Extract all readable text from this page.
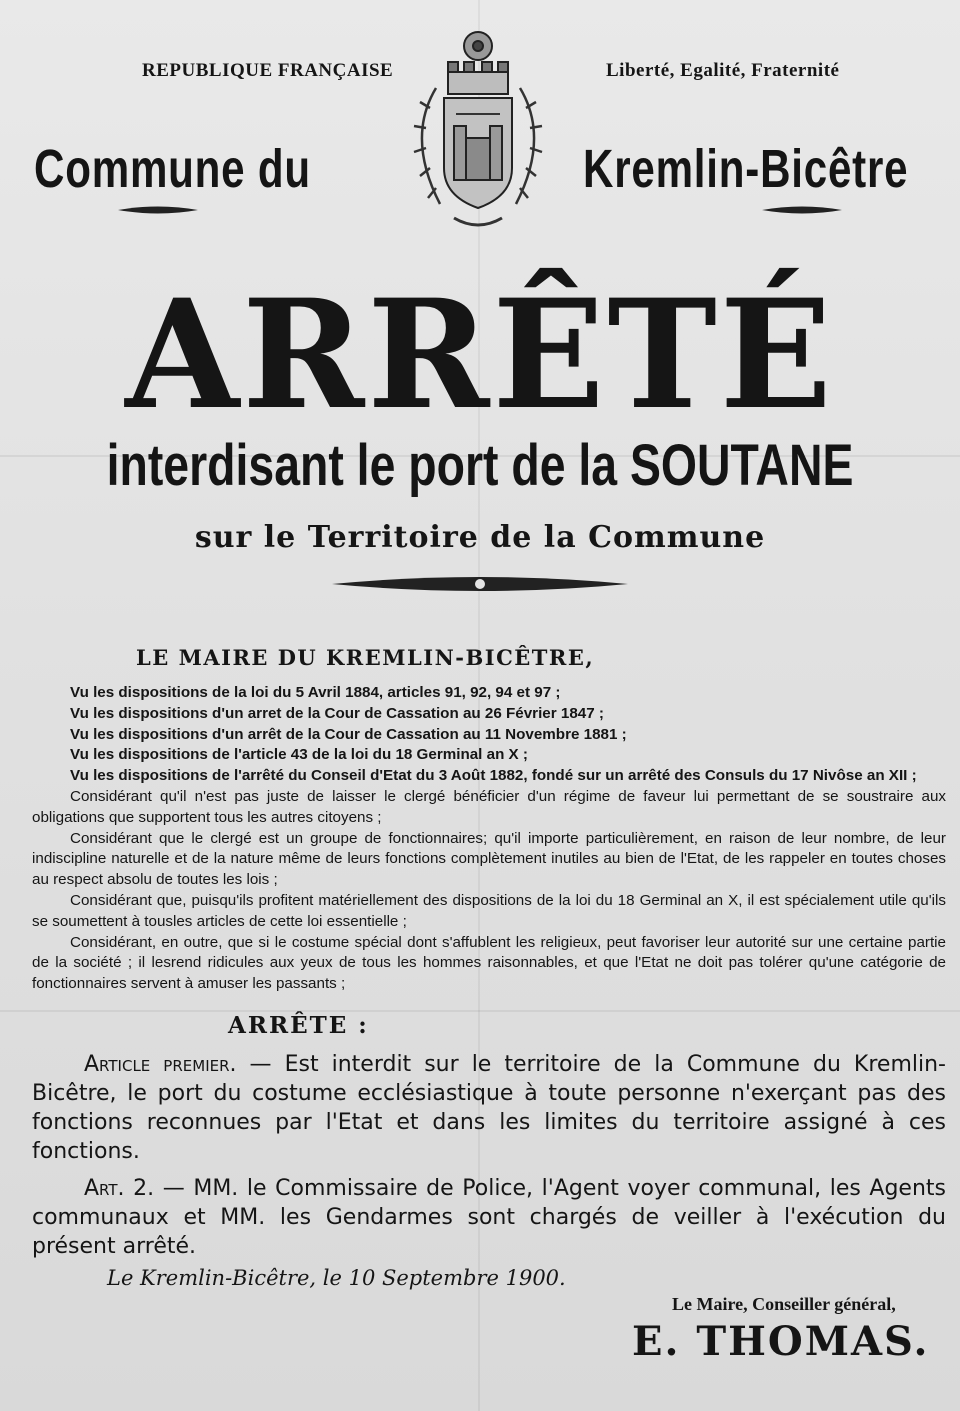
REPUBLIQUE FRANÇAISE	Liberté, Egalité, Fraternité
Commune du	Kremlin-Bicêtre
ARRÊTÉ
interdisant le port de la SOUTANE
sur le Territoire de la Commune
LE MAIRE DU KREMLIN-BICÊTRE,

Vu les dispositions de la loi du 5 Avril 1884, articles 91, 92, 94 et 97 ;

Vu les dispositions d'un arret de la Cour de Cassation au 26 Février 1847 ;

Vu les dispositions d'un arrêt de la Cour de Cassation au 11 Novembre 1881 ;

Vu les dispositions de l'article 43 de la loi du 18 Germinal an X ;

Vu les dispositions de l'arrêté du Conseil d'Etat du 3 Août 1882, fondé sur un arrêté des Consuls du 17 Nivôse an XII ;

Considérant qu'il n'est pas juste de laisser le clergé bénéficier d'un régime de faveur lui permettant de se soustraire aux obligations que supportent tous les autres citoyens ;

Considérant que le clergé est un groupe de fonctionnaires; qu'il importe particulièrement, en raison de leur nombre, de leur indiscipline naturelle et de la nature même de leurs fonctions complètement inutiles au bien de l'Etat, de les rappeler en toutes choses au respect absolu de toutes les lois ;

Considérant que, puisqu'ils profitent matériellement des dispositions de la loi du 18 Germinal an X, il est spécialement utile qu'ils se soumettent à tousles articles de cette loi essentielle ;

Considérant, en outre, que si le costume spécial dont s'affublent les religieux, peut favoriser leur autorité sur une certaine partie de la société ; il lesrend ridicules aux yeux de tous les hommes raisonnables, et que l'Etat ne doit pas tolérer qu'une catégorie de fonctionnaires servent à amuser les passants ;

ARRÊTE :

Article premier. — Est interdit sur le territoire de la Commune du Kremlin-Bicêtre, le port du costume ecclésiastique à toute personne n'exerçant pas des fonctions reconnues par l'Etat et dans les limites du territoire assigné à ces fonctions.

Art. 2. — MM. le Commissaire de Police, l'Agent voyer communal, les Agents communaux et MM. les Gendarmes sont chargés de veiller à l'exécution du présent arrêté.

Le Kremlin-Bicêtre, le 10 Septembre 1900.
Le Maire, Conseiller général,
E. THOMAS.
